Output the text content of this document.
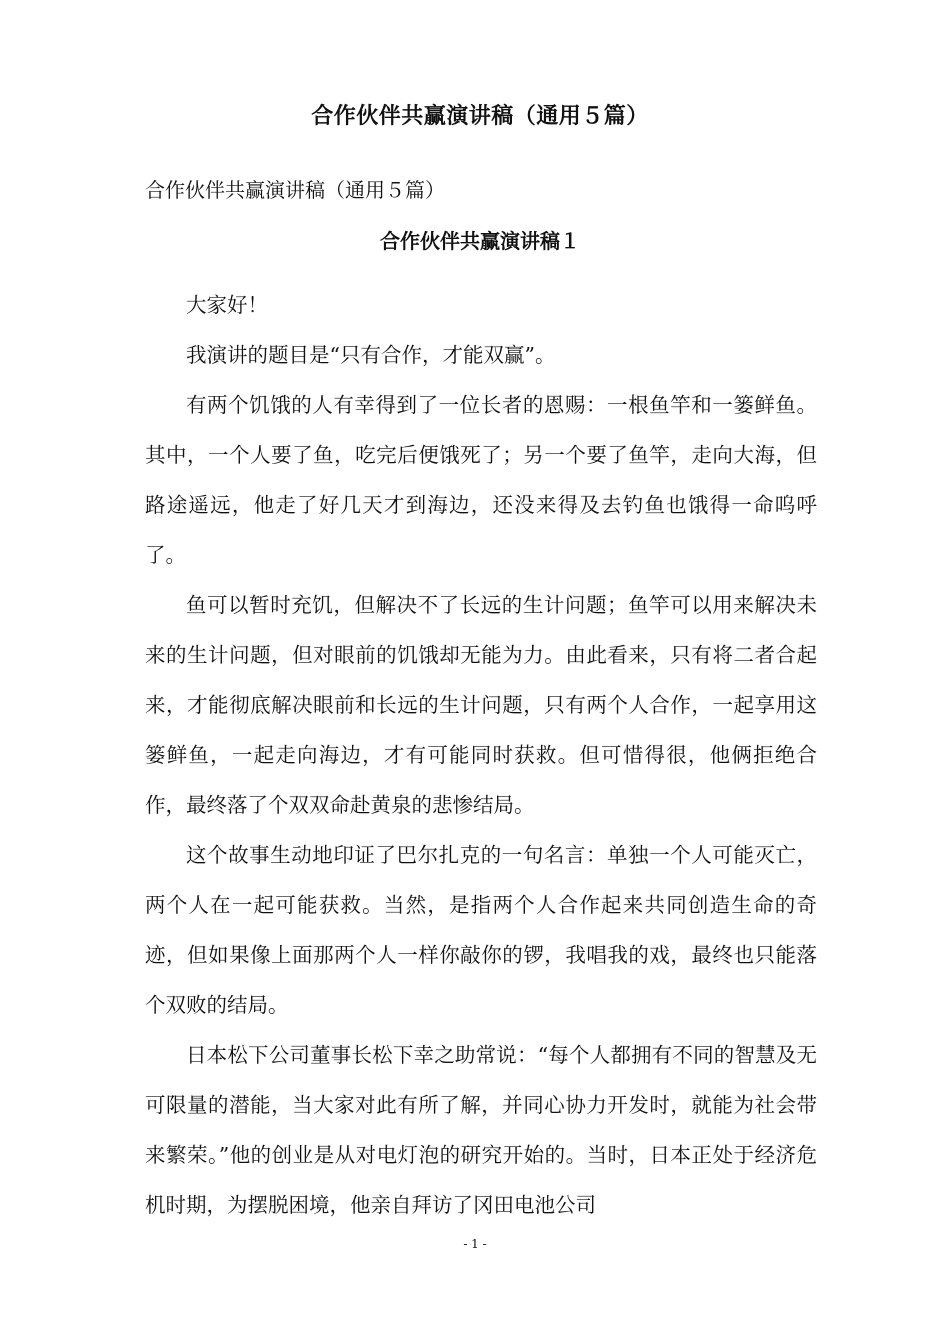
合作伙伴共赢演讲稿（通用５篇）

合作伙伴共赢演讲稿（通用５篇）

合作伙伴共赢演讲稿１

大家好！

我演讲的题目是“只有合作，才能双赢”。

有两个饥饿的人有幸得到了一位长者的恩赐：一根鱼竿和一篓鲜鱼。其中，一个人要了鱼，吃完后便饿死了；另一个要了鱼竿，走向大海，但路途遥远，他走了好几天才到海边，还没来得及去钓鱼也饿得一命呜呼了。

鱼可以暂时充饥，但解决不了长远的生计问题；鱼竿可以用来解决未来的生计问题，但对眼前的饥饿却无能为力。由此看来，只有将二者合起来，才能彻底解决眼前和长远的生计问题，只有两个人合作，一起享用这篓鲜鱼，一起走向海边，才有可能同时获救。但可惜得很，他俩拒绝合作，最终落了个双双命赴黄泉的悲惨结局。

这个故事生动地印证了巴尔扎克的一句名言：单独一个人可能灭亡，两个人在一起可能获救。当然，是指两个人合作起来共同创造生命的奇迹，但如果像上面那两个人一样你敲你的锣，我唱我的戏，最终也只能落个双败的结局。

日本松下公司董事长松下幸之助常说：“每个人都拥有不同的智慧及无可限量的潜能，当大家对此有所了解，并同心协力开发时，就能为社会带来繁荣。”他的创业是从对电灯泡的研究开始的。当时，日本正处于经济危机时期，为摆脱困境，他亲自拜访了冈田电池公司

- 1 -
